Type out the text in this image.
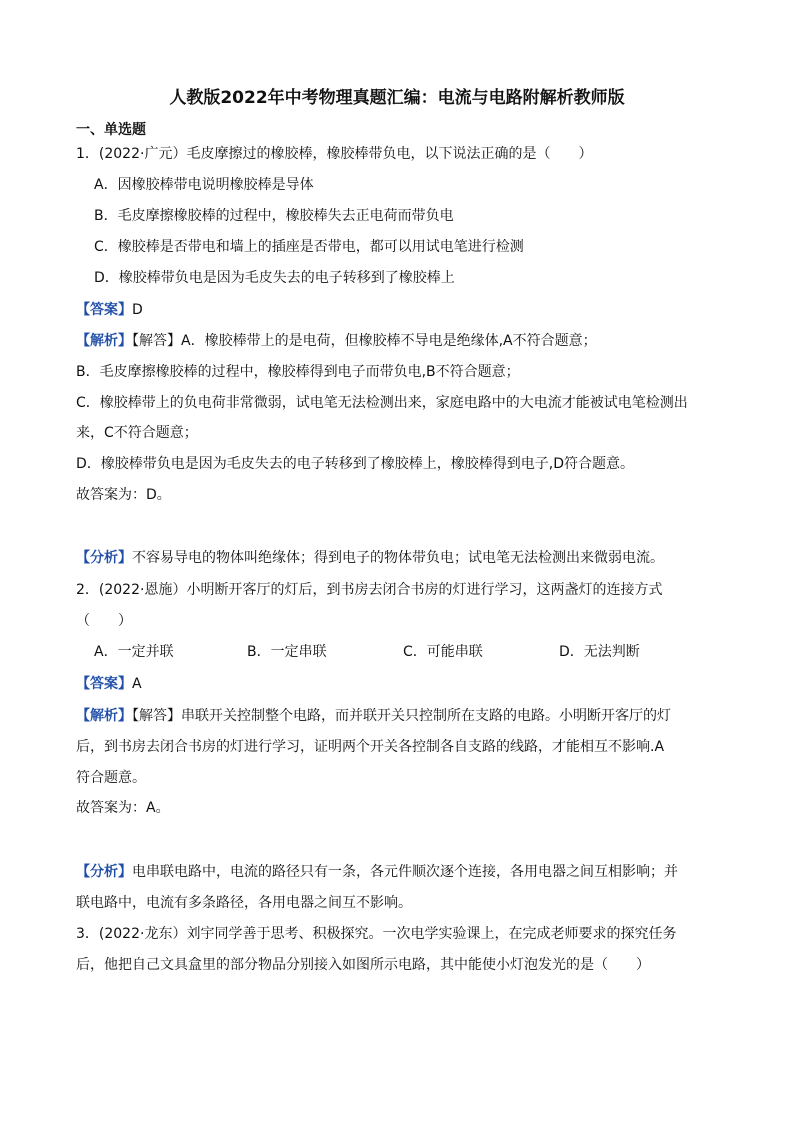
人教版2022年中考物理真题汇编：电流与电路附解析教师版
一、单选题
1．(2022·广元）毛皮摩擦过的橡胶棒，橡胶棒带负电，以下说法正确的是（　　）
A．因橡胶棒带电说明橡胶棒是导体
B．毛皮摩擦橡胶棒的过程中，橡胶棒失去正电荷而带负电
C．橡胶棒是否带电和墙上的插座是否带电，都可以用试电笔进行检测
D．橡胶棒带负电是因为毛皮失去的电子转移到了橡胶棒上
【答案】D
【解析】【解答】A．橡胶棒带上的是电荷，但橡胶棒不导电是绝缘体,A不符合题意；
B．毛皮摩擦橡胶棒的过程中，橡胶棒得到电子而带负电,B不符合题意；
C．橡胶棒带上的负电荷非常微弱，试电笔无法检测出来，家庭电路中的大电流才能被试电笔检测出
来，C不符合题意；
D．橡胶棒带负电是因为毛皮失去的电子转移到了橡胶棒上，橡胶棒得到电子,D符合题意。
故答案为：D。
【分析】不容易导电的物体叫绝缘体；得到电子的物体带负电；试电笔无法检测出来微弱电流。
2．(2022·恩施）小明断开客厅的灯后，到书房去闭合书房的灯进行学习，这两盏灯的连接方式
（　　）
A．一定并联	B．一定串联	C．可能串联	D．无法判断
【答案】A
【解析】【解答】串联开关控制整个电路，而并联开关只控制所在支路的电路。小明断开客厅的灯
后，到书房去闭合书房的灯进行学习，证明两个开关各控制各自支路的线路，才能相互不影响.A
符合题意。
故答案为：A。
【分析】电串联电路中，电流的路径只有一条，各元件顺次逐个连接，各用电器之间互相影响；并
联电路中，电流有多条路径，各用电器之间互不影响。
3．(2022·龙东）刘宇同学善于思考、积极探究。一次电学实验课上，在完成老师要求的探究任务
后，他把自己文具盒里的部分物品分别接入如图所示电路，其中能使小灯泡发光的是（　　）
